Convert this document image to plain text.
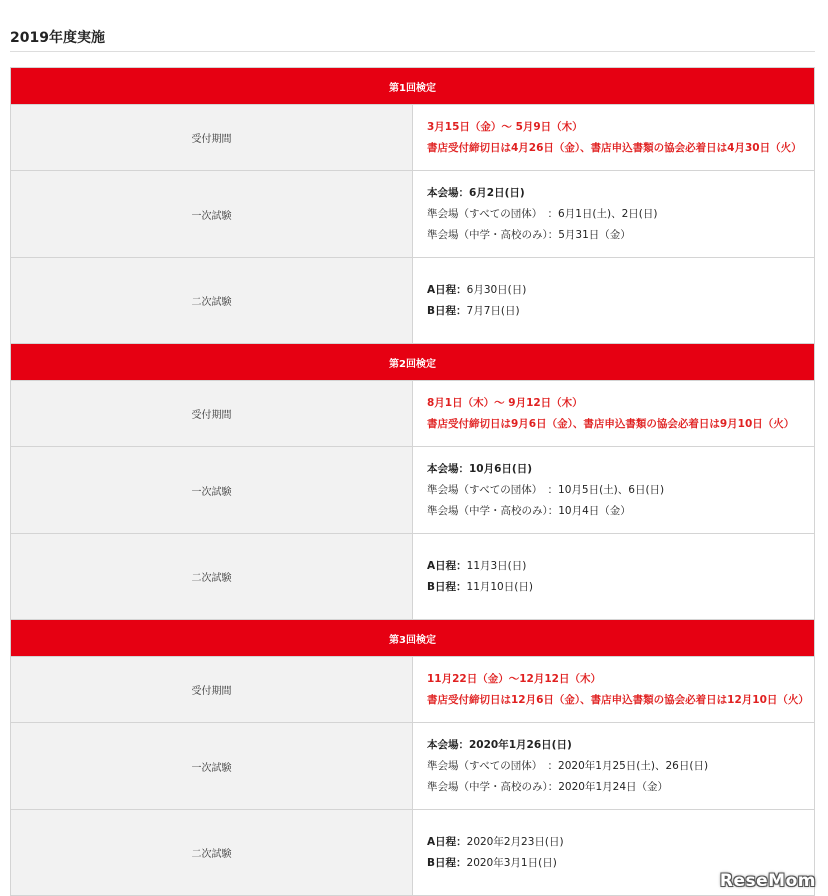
2019年度実施
第1回検定	
受付期間	3月15日（金）～ 5月9日（木）
書店受付締切日は4月26日（金）、書店申込書類の協会必着日は4月30日（火）

一次試験	本会場：6月2日(日)
準会場（すべての団体）　：6月1日(土)、2日(日)
準会場（中学・高校のみ）：5月31日（金）

二次試験	A日程：6月30日(日)
B日程：7月7日(日)

第2回検定	
受付期間	8月1日（木）～ 9月12日（木）
書店受付締切日は9月6日（金）、書店申込書類の協会必着日は9月10日（火）

一次試験	本会場：10月6日(日)
準会場（すべての団体）　：10月5日(土)、6日(日)
準会場（中学・高校のみ）：10月4日（金）

二次試験	A日程：11月3日(日)
B日程：11月10日(日)

第3回検定	
受付期間	11月22日（金）～12月12日（木）
書店受付締切日は12月6日（金）、書店申込書類の協会必着日は12月10日（火）

一次試験	本会場：2020年1月26日(日)
準会場（すべての団体）　：2020年1月25日(土)、26日(日)
準会場（中学・高校のみ）：2020年1月24日（金）

二次試験	A日程：2020年2月23日(日)
B日程：2020年3月1日(日)
ReseMom
